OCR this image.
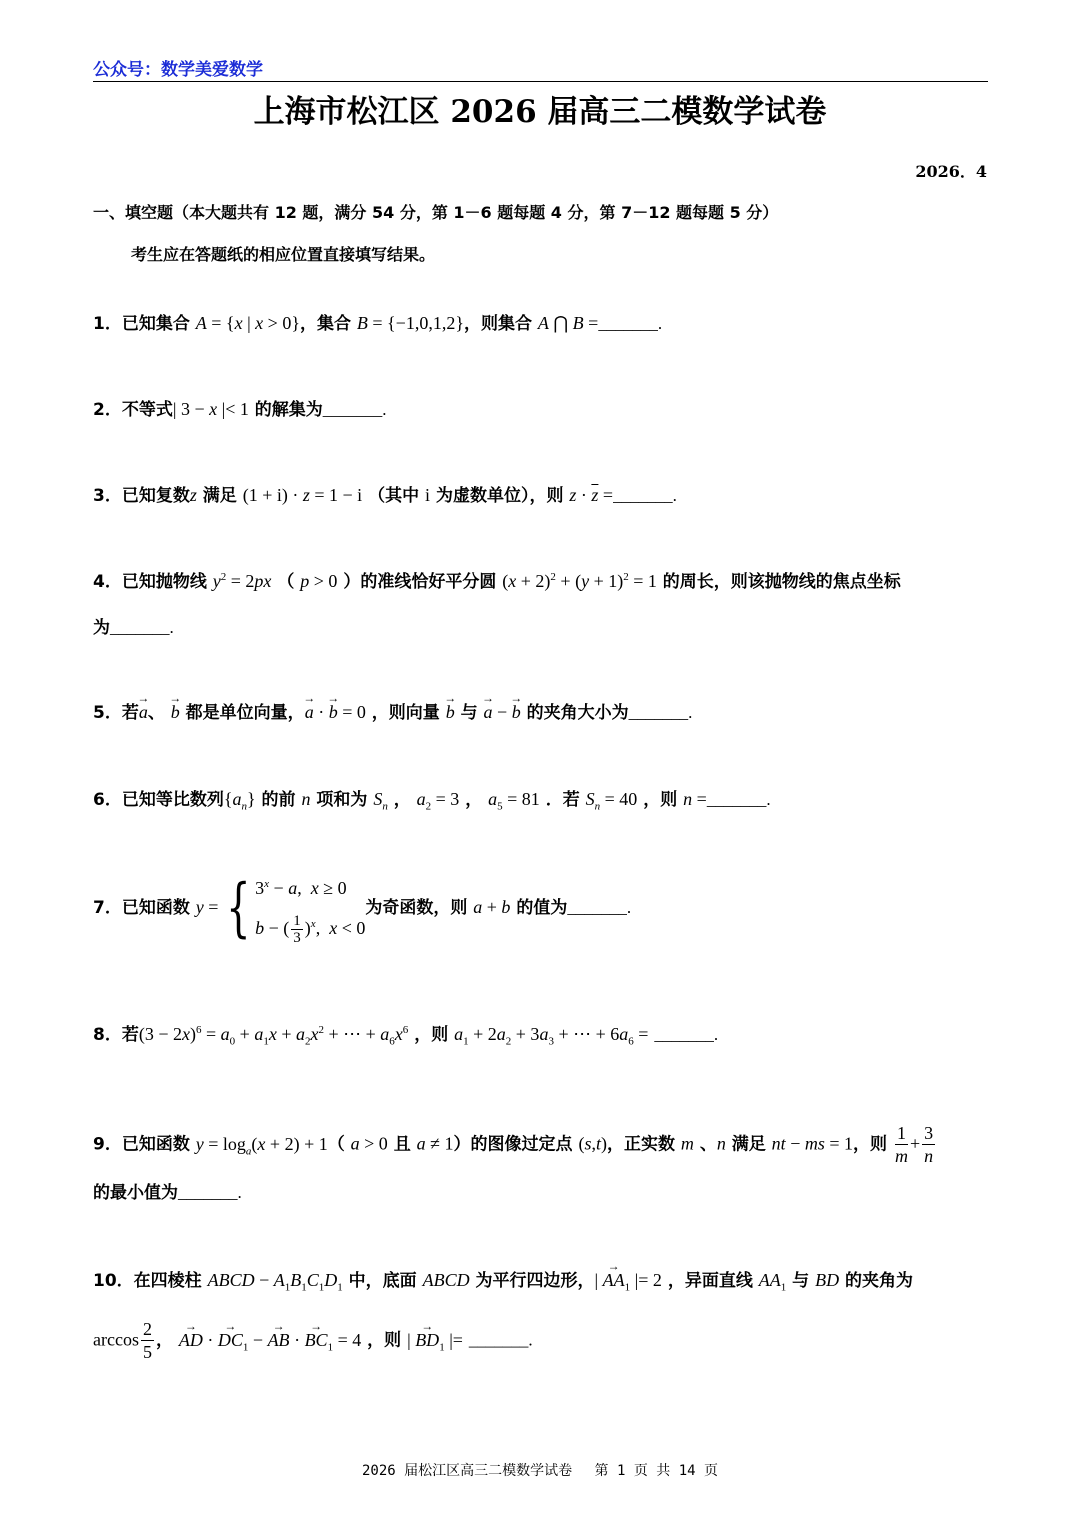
公众号：数学美爱数学
上海市松江区 2026 届高三二模数学试卷
2026．4
一、填空题（本大题共有 12 题，满分 54 分，第 1－6 题每题 4 分，第 7－12 题每题 5 分）
考生应在答题纸的相应位置直接填写结果。
1．已知集合 A = {x | x > 0}，集合 B = {−1,0,1,2}，则集合 A ⋂ B =_______.
2．不等式| 3 − x |< 1 的解集为_______.
3．已知复数z 满足 (1 + i) · z = 1 − i （其中 i 为虚数单位），则 $z \cdot \overline{z}$ =_______.
4．已知抛物线 $y^2 = 2px$ （ p > 0 ）的准线恰好平分圆 $(x + 2)^2 + (y + 1)^2 = 1$ 的周长，则该抛物线的焦点坐标
为_______.
5．若→ a、 → b 都是单位向量，→ a · → b = 0 ，则向量 → b 与 → a − → b 的夹角大小为_______.
6．已知等比数列$\{a_n\}$ 的前 n 项和为 $S_n$ ， $a_2 = 3$ ， $a_5 = 81$ ．若 $S_n = 40$ ，则 n =_______.
7．已知函数 y = { $3^x - a$,  x ≥ 0
b − ( $\frac{1}{3} )^x$,  x < 0
为奇函数，则 a + b 的值为_______.
8．若$(3 - 2x)^6 = a_0 + a_1x + a_2x^2$ + ⋯ + $a_6x^6$ ，则 $a_1 + 2a_2 + 3a_3$ + ⋯ + $6a_6$ = _______.
9．已知函数 $y = \log_a(x + 2) + 1$（ a > 0 且 a ≠ 1）的图像过定点 (s,t)，正实数 m 、n 满足 nt − ms = 1，则 $\frac{1}{m} + \frac{3}{n}$
的最小值为_______.
10．在四棱柱 ABCD − $A_1B_1C_1D_1$ 中，底面 ABCD 为平行四边形，| → $AA_1$ |= 2 ，异面直线 $AA_1$ 与 BD 的夹角为
$\arccos \frac{2}{5}$ ， → AD · → $DC_1$ − → AB · → $BC_1 = 4$ ，则 | → $BD_1$ |= _______.
2026 届松江区高三二模数学试卷　 第 1 页 共 14 页
